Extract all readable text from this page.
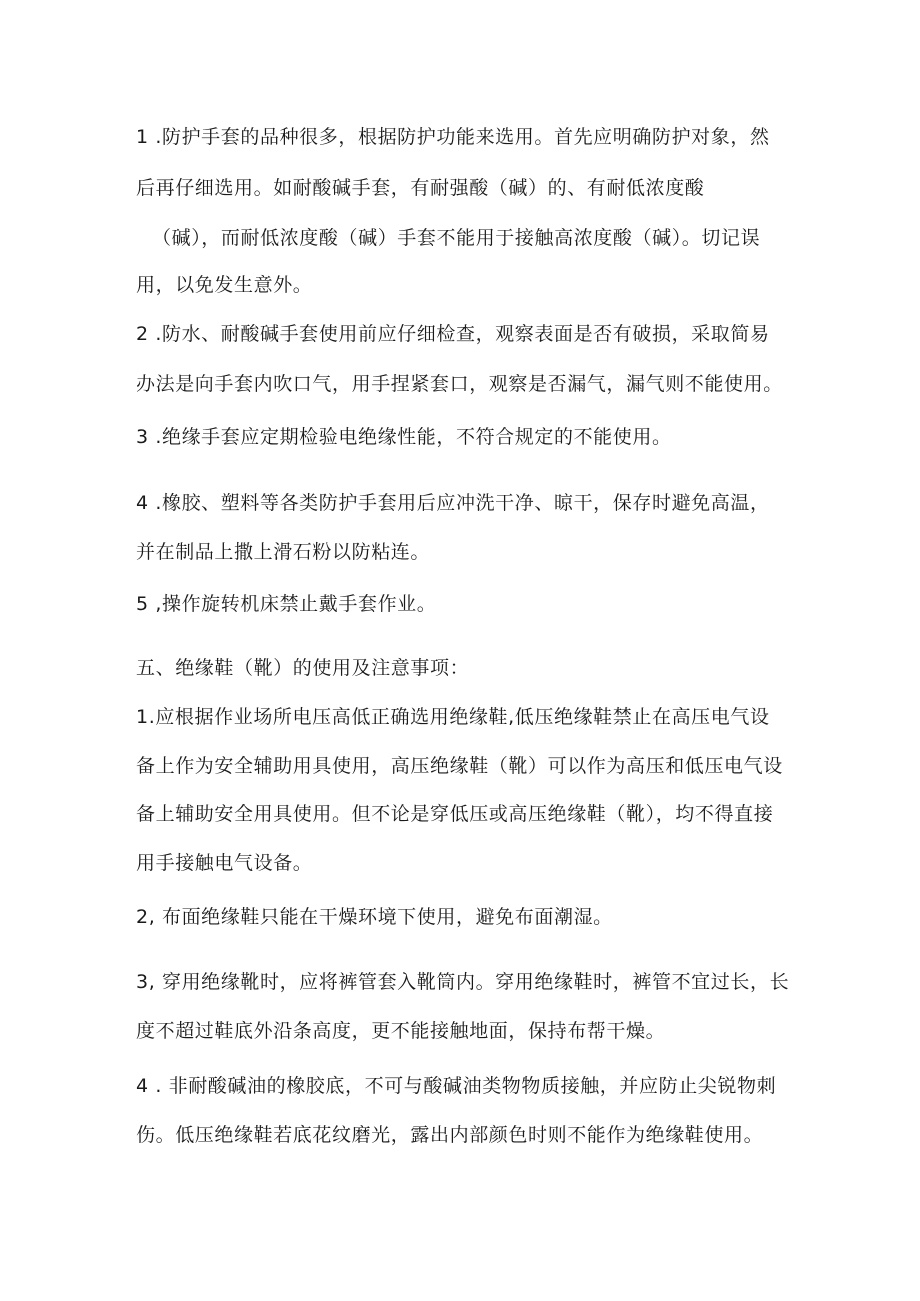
1 .防护手套的品种很多，根据防护功能来选用。首先应明确防护对象，然
后再仔细选用。如耐酸碱手套，有耐强酸（碱）的、有耐低浓度酸
（碱），而耐低浓度酸（碱）手套不能用于接触高浓度酸（碱）。切记误
用，以免发生意外。
2 .防水、耐酸碱手套使用前应仔细检查，观察表面是否有破损，采取简易
办法是向手套内吹口气，用手捏紧套口，观察是否漏气，漏气则不能使用。
3 .绝缘手套应定期检验电绝缘性能，不符合规定的不能使用。
4 .橡胶、塑料等各类防护手套用后应冲洗干净、晾干，保存时避免高温，
并在制品上撒上滑石粉以防粘连。
5 ,操作旋转机床禁止戴手套作业。
五、绝缘鞋（靴）的使用及注意事项：
1.应根据作业场所电压高低正确选用绝缘鞋,低压绝缘鞋禁止在高压电气设
备上作为安全辅助用具使用，高压绝缘鞋（靴）可以作为高压和低压电气设
备上辅助安全用具使用。但不论是穿低压或高压绝缘鞋（靴），均不得直接
用手接触电气设备。
2, 布面绝缘鞋只能在干燥环境下使用，避免布面潮湿。
3, 穿用绝缘靴时，应将裤管套入靴筒内。穿用绝缘鞋时，裤管不宜过长，长
度不超过鞋底外沿条高度，更不能接触地面，保持布帮干燥。
4 . 非耐酸碱油的橡胶底，不可与酸碱油类物物质接触，并应防止尖锐物刺
伤。低压绝缘鞋若底花纹磨光，露出内部颜色时则不能作为绝缘鞋使用。
